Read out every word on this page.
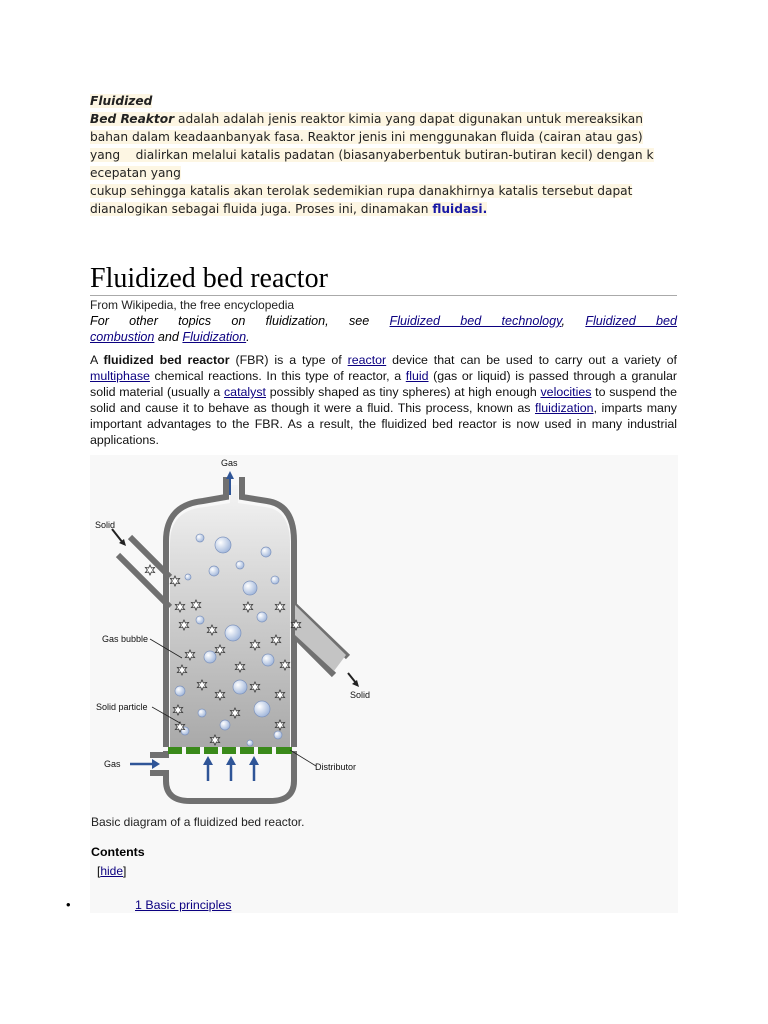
Fluidized
Bed Reaktor adalah adalah jenis reaktor kimia yang dapat digunakan untuk mereaksikan
bahan dalam keadaanbanyak fasa. Reaktor jenis ini menggunakan fluida (cairan atau gas)
yang    dialirkan melalui katalis padatan (biasanyaberbentuk butiran-butiran kecil) dengan k
ecepatan yang
cukup sehingga katalis akan terolak sedemikian rupa danakhirnya katalis tersebut dapat
dianalogikan sebagai fluida juga. Proses ini, dinamakan fluidasi.
Fluidized bed reactor
From Wikipedia, the free encyclopedia
For other topics on fluidization, see Fluidized bed technology, Fluidized bed
combustion and Fluidization.
A fluidized bed reactor (FBR) is a type of reactor device that can be used to carry out a variety of multiphase chemical reactions. In this type of reactor, a fluid (gas or liquid) is passed through a granular solid material (usually a catalyst possibly shaped as tiny spheres) at high enough velocities to suspend the solid and cause it to behave as though it were a fluid. This process, known as fluidization, imparts many important advantages to the FBR. As a result, the fluidized bed reactor is now used in many industrial applications.
Gas
Solid
Gas bubble
Solid particle
Gas
Solid
Distributor
Basic diagram of a fluidized bed reactor.
Contents
[hide]
•	1 Basic principles
